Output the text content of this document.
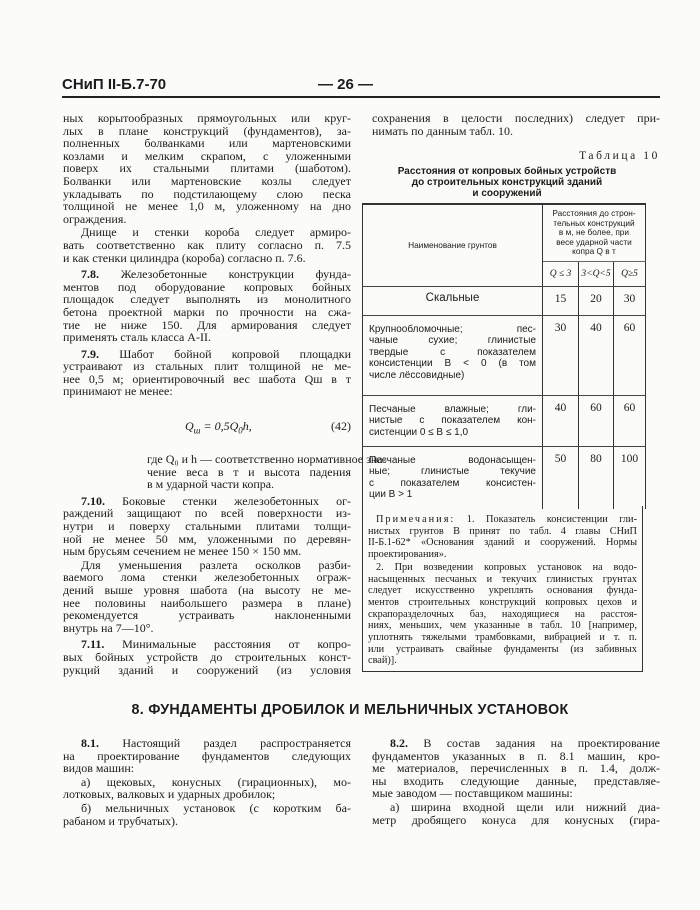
СНиП II-Б.7-70	— 26 —
ных корытообразных прямоугольных или круг-
лых в плане конструкций (фундаментов), за-
полненных болванками или мартеновскими
козлами и мелким скрапом, с уложенными
поверх их стальными плитами (шаботом).
Болванки или мартеновские козлы следует
укладывать по подстилающему слою песка
толщиной не менее 1,0 м, уложенному на дно
ограждения.
Днище и стенки короба следует армиро-
вать соответственно как плиту согласно п. 7.5
и как стенки цилиндра (короба) согласно п. 7.6.
7.8. Железобетонные конструкции фунда-
ментов под оборудование копровых бойных
площадок следует выполнять из монолитного
бетона проектной марки по прочности на сжа-
тие не ниже 150. Для армирования следует
применять сталь класса А-II.
7.9. Шабот бойной копровой площадки
устраивают из стальных плит толщиной не ме-
нее 0,5 м; ориентировочный вес шабота Qш в т
принимают не менее:
$Q_ш = 0,5Q_0h$,	(42)
где Q₀ и h — соответственно нормативное зна-
чение веса в т и высота падения
в м ударной части копра.
7.10. Боковые стенки железобетонных ог-
раждений защищают по всей поверхности из-
нутри и поверху стальными плитами толщи-
ной не менее 50 мм, уложенными по деревян-
ным брусьям сечением не менее 150 × 150 мм.
Для уменьшения разлета осколков разби-
ваемого лома стенки железобетонных ограж-
дений выше уровня шабота (на высоту не ме-
нее половины наибольшего размера в плане)
рекомендуется устраивать наклоненными
внутрь на 7—10°.
7.11. Минимальные расстояния от копро-
вых бойных устройств до строительных конст-
рукций зданий и сооружений (из условия
сохранения в целости последних) следует при-
нимать по данным табл. 10.
Таблица 10
Расстояния от копровых бойных устройств
до строительных конструкций зданий
и сооружений
Наименование грунтов	Расстояния до строн-
тельных конструкций
в м, не более, при
весе ударной части
копра Q в т		

	Q ≤ 3	3<Q<5	Q≥5
Скальные	15	20	30

Крупнообломочные; пес-
чаные сухие; глинистые
твердые с показателем
консистенции B < 0 (в том
числе лёссовидные)	30	40	60

Песчаные влажные; гли-
нистые с показателем кон-
систенции 0 ≤ B ≤ 1,0	40	60	60

Песчаные водонасыщен-
ные; глинистые текучие
с показателем консистен-
ции B > 1	50	80	100
Примечания: 1. Показатель консистенции гли-
нистых грунтов B принят по табл. 4 главы СНиП
II-Б.1-62* «Основания зданий и сооружений. Нормы
проектирования».
2. При возведении копровых установок на водо-
насыщенных песчаных и текучих глинистых грунтах
следует искусственно укреплять основания фунда-
ментов строительных конструкций копровых цехов и
скрапоразделочных баз, находящиеся на расстоя-
ниях, меньших, чем указанные в табл. 10 [например,
уплотнять тяжелыми трамбовками, вибрацией и т. п.
или устраивать свайные фундаменты (из забивных
свай)].
8. ФУНДАМЕНТЫ ДРОБИЛОК И МЕЛЬНИЧНЫХ УСТАНОВОК
8.1. Настоящий раздел распространяется
на проектирование фундаментов следующих
видов машин:
а) щековых, конусных (гирационных), мо-
лотковых, валковых и ударных дробилок;
б) мельничных установок (с коротким ба-
рабаном и трубчатых).
8.2. В состав задания на проектирование
фундаментов указанных в п. 8.1 машин, кро-
ме материалов, перечисленных в п. 1.4, долж-
ны входить следующие данные, представляе-
мые заводом — поставщиком машины:
а) ширина входной щели или нижний диа-
метр дробящего конуса для конусных (гира-
